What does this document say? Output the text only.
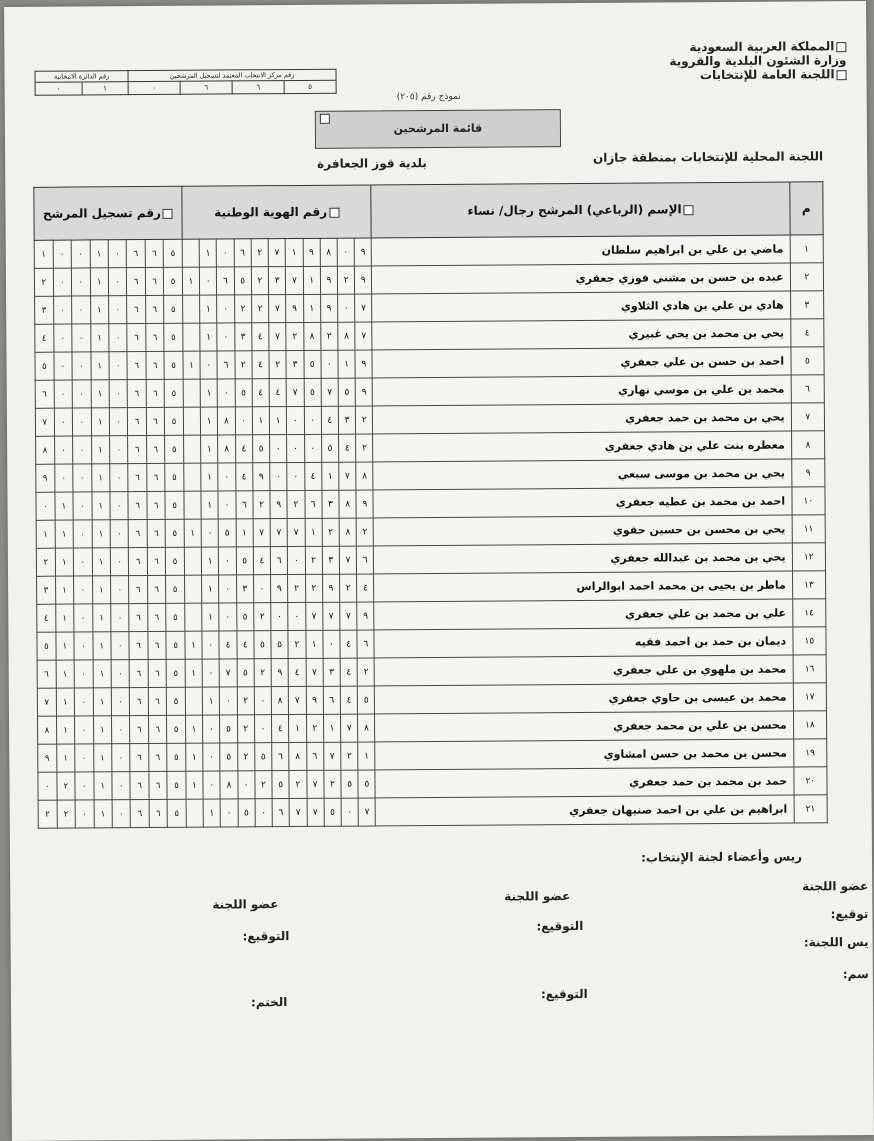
المملكة العربية السعودية
وزارة الشئون البلدية والقروية
اللجنة العامة للإنتخابات
رقم مركز الانتخاب المعتمد لتسجيل المرشحين				رقم الدائرة الانتخابية	
٥	٦	٦	٠	١	٠
نموذج رقم (٢٠٥)
قائمة المرشحين
اللجنة المحلية للإنتخابات بمنطقة جازان
بلدية قوز الجعافرة
م	الإسم (الرباعي) المرشح رجال/ نساء	رقم الهوية الوطنية											رقم تسجيل المرشح							
١	ماضي بن علي بن ابراهيم سلطان	٩	٠	٨	٩	١	٧	٢	٦	٠	١		٥	٦	٦	٠	١	٠	٠	١
٢	عبده بن حسن بن مشني فوزي جعفري	٩	٢	٩	١	٧	٣	٢	٥	٦	٠	١	٥	٦	٦	٠	١	٠	٠	٢
٣	هادي بن علي بن هادي الثلاوي	٧	٠	٩	١	٩	٧	٢	٢	٠	١		٥	٦	٦	٠	١	٠	٠	٣
٤	يحي بن محمد بن يحي غبيري	٧	٨	٢	٨	٢	٧	٤	٣	٠	١		٥	٦	٦	٠	١	٠	٠	٤
٥	احمد بن حسن بن علي جعفري	٩	١	٠	٥	٣	٢	٤	٢	٦	٠	١	٥	٦	٦	٠	١	٠	٠	٥
٦	محمد بن علي بن موسي نهاري	٩	٥	٧	٥	٧	٤	٤	٥	٠	١		٥	٦	٦	٠	١	٠	٠	٦
٧	يحي بن محمد بن حمد جعفري	٢	٣	٤	٠	٠	١	١	٠	٨	١		٥	٦	٦	٠	١	٠	٠	٧
٨	معطره بنت علي بن هادي جعفري	٢	٤	٥	٠	٠	٠	٥	٤	٨	١		٥	٦	٦	٠	١	٠	٠	٨
٩	يحي بن محمد بن موسى سبعي	٨	٧	١	٤	٠	٠	٩	٤	٠	١		٥	٦	٦	٠	١	٠	٠	٩
١٠	احمد بن محمد بن عطيه جعفري	٩	٨	٣	٦	٢	٩	٢	٦	٠	١		٥	٦	٦	٠	١	٠	١	٠
١١	يحي بن محسن بن حسين حقوي	٢	٨	٢	١	٧	٧	٧	١	٥	٠	١	٥	٦	٦	٠	١	٠	١	١
١٢	يحي بن محمد بن عبدالله جعفري	٦	٧	٣	٢	٠	٦	٤	٥	٠	١		٥	٦	٦	٠	١	٠	١	٢
١٣	ماطر بن يحيى بن محمد احمد ابوالراس	٤	٢	٩	٢	٢	٩	٠	٣	٠	١		٥	٦	٦	٠	١	٠	١	٣
١٤	علي بن محمد بن علي جعفري	٩	٧	٧	٧	٠	٠	٢	٥	٠	١		٥	٦	٦	٠	١	٠	١	٤
١٥	ديمان بن حمد بن احمد فقيه	٦	٤	٠	١	٢	٥	٥	٤	٤	٠	١	٥	٦	٦	٠	١	٠	١	٥
١٦	محمد بن ملهوي بن علي جعفري	٢	٤	٣	٧	٤	٩	٢	٥	٧	٠	١	٥	٦	٦	٠	١	٠	١	٦
١٧	محمد بن عيسى بن حاوي جعفري	٥	٤	٦	٩	٧	٨	٠	٢	٠	١		٥	٦	٦	٠	١	٠	١	٧
١٨	محسن بن علي بن محمد جعفري	٨	٧	١	٢	١	٤	٠	٢	٥	٠	١	٥	٦	٦	٠	١	٠	١	٨
١٩	محسن بن محمد بن حسن امشاوي	١	٢	٧	٦	٨	٦	٥	٢	٥	٠	١	٥	٦	٦	٠	١	٠	١	٩
٢٠	حمد بن محمد بن حمد جعفري	٥	٥	٢	٧	٢	٥	٢	٠	٨	٠	١	٥	٦	٦	٠	١	٠	٢	٠
٢١	ابراهيم بن علي بن احمد صنيهان جعفري	٧	٠	٥	٧	٧	٦	٠	٥	٠	١		٥	٦	٦	٠	١	٠	٢	٢
ريس وأعضاء لجنة الإنتخاب:
عضو اللجنة
توقيع:
يس اللجنة:
سم:
عضو اللجنة
التوقيع:
التوقيع:
عضو اللجنة
التوقيع:
الختم:
